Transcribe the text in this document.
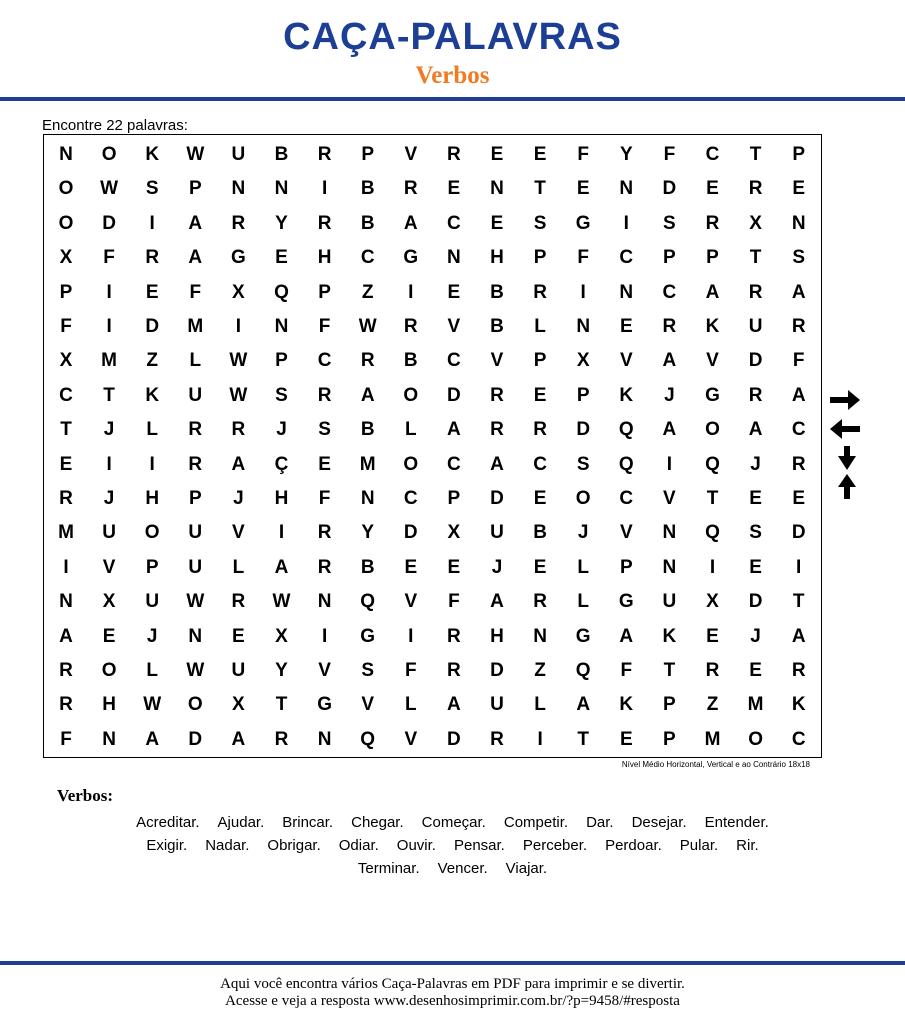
CAÇA-PALAVRAS
Verbos
Encontre 22 palavras:
N	O	K	W	U	B	R	P	V	R	E	E	F	Y	F	C	T	P
O	W	S	P	N	N	I	B	R	E	N	T	E	N	D	E	R	E
O	D	I	A	R	Y	R	B	A	C	E	S	G	I	S	R	X	N
X	F	R	A	G	E	H	C	G	N	H	P	F	C	P	P	T	S
P	I	E	F	X	Q	P	Z	I	E	B	R	I	N	C	A	R	A
F	I	D	M	I	N	F	W	R	V	B	L	N	E	R	K	U	R
X	M	Z	L	W	P	C	R	B	C	V	P	X	V	A	V	D	F
C	T	K	U	W	S	R	A	O	D	R	E	P	K	J	G	R	A
T	J	L	R	R	J	S	B	L	A	R	R	D	Q	A	O	A	C
E	I	I	R	A	Ç	E	M	O	C	A	C	S	Q	I	Q	J	R
R	J	H	P	J	H	F	N	C	P	D	E	O	C	V	T	E	E
M	U	O	U	V	I	R	Y	D	X	U	B	J	V	N	Q	S	D
I	V	P	U	L	A	R	B	E	E	J	E	L	P	N	I	E	I
N	X	U	W	R	W	N	Q	V	F	A	R	L	G	U	X	D	T
A	E	J	N	E	X	I	G	I	R	H	N	G	A	K	E	J	A
R	O	L	W	U	Y	V	S	F	R	D	Z	Q	F	T	R	E	R
R	H	W	O	X	T	G	V	L	A	U	L	A	K	P	Z	M	K
F	N	A	D	A	R	N	Q	V	D	R	I	T	E	P	M	O	C
Nível Médio Horizontal, Vertical e ao Contrário 18x18
Verbos:
Acreditar. Ajudar. Brincar. Chegar. Começar. Competir. Dar. Desejar. Entender.
Exigir. Nadar. Obrigar. Odiar. Ouvir. Pensar. Perceber. Perdoar. Pular. Rir.
Terminar. Vencer. Viajar.
Aqui você encontra vários Caça-Palavras em PDF para imprimir e se divertir.
Acesse e veja a resposta www.desenhosimprimir.com.br/?p=9458/#resposta
